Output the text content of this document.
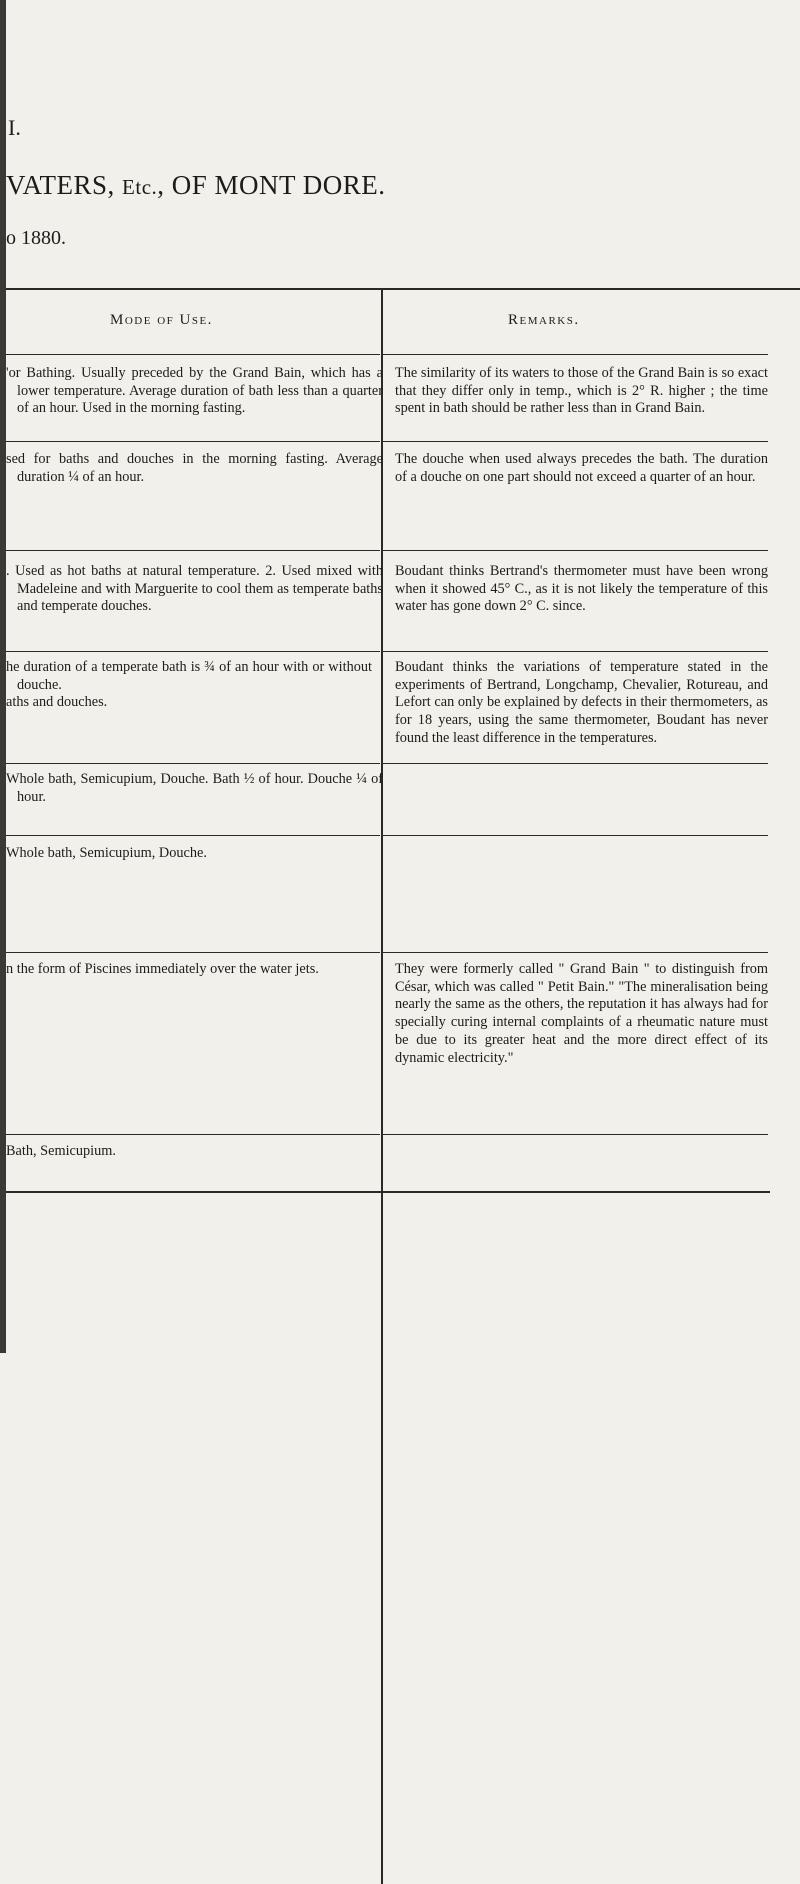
I.
VATERS, Etc., OF MONT DORE.
o 1880.
Mode of Use.	Remarks.
'or Bathing. Usually preceded by the Grand Bain, which has a lower temperature. Average duration of bath less than a quarter of an hour. Used in the morning fasting.
The similarity of its waters to those of the Grand Bain is so exact that they differ only in temp., which is 2° R. higher ; the time spent in bath should be rather less than in Grand Bain.
sed for baths and douches in the morning fasting. Average duration ¼ of an hour.
The douche when used always precedes the bath. The duration of a douche on one part should not exceed a quarter of an hour.
. Used as hot baths at natural temperature. 2. Used mixed with Madeleine and with Marguerite to cool them as temperate baths and temperate douches.
Boudant thinks Bertrand's thermometer must have been wrong when it showed 45° C., as it is not likely the temperature of this water has gone down 2° C. since.
he duration of a temperate bath is ¾ of an hour with or without douche.
aths and douches.
Boudant thinks the variations of temperature stated in the experiments of Bertrand, Longchamp, Chevalier, Rotureau, and Lefort can only be explained by defects in their thermometers, as for 18 years, using the same thermometer, Boudant has never found the least difference in the temperatures.
Whole bath, Semicupium, Douche. Bath ½ of hour. Douche ¼ of hour.
Whole bath, Semicupium, Douche.
n the form of Piscines immediately over the water jets.	They were formerly called " Grand Bain " to distinguish from César, which was called " Petit Bain." "The mineralisation being nearly the same as the others, the reputation it has always had for specially curing internal complaints of a rheumatic nature must be due to its greater heat and the more direct effect of its dynamic electricity."
Bath, Semicupium.
